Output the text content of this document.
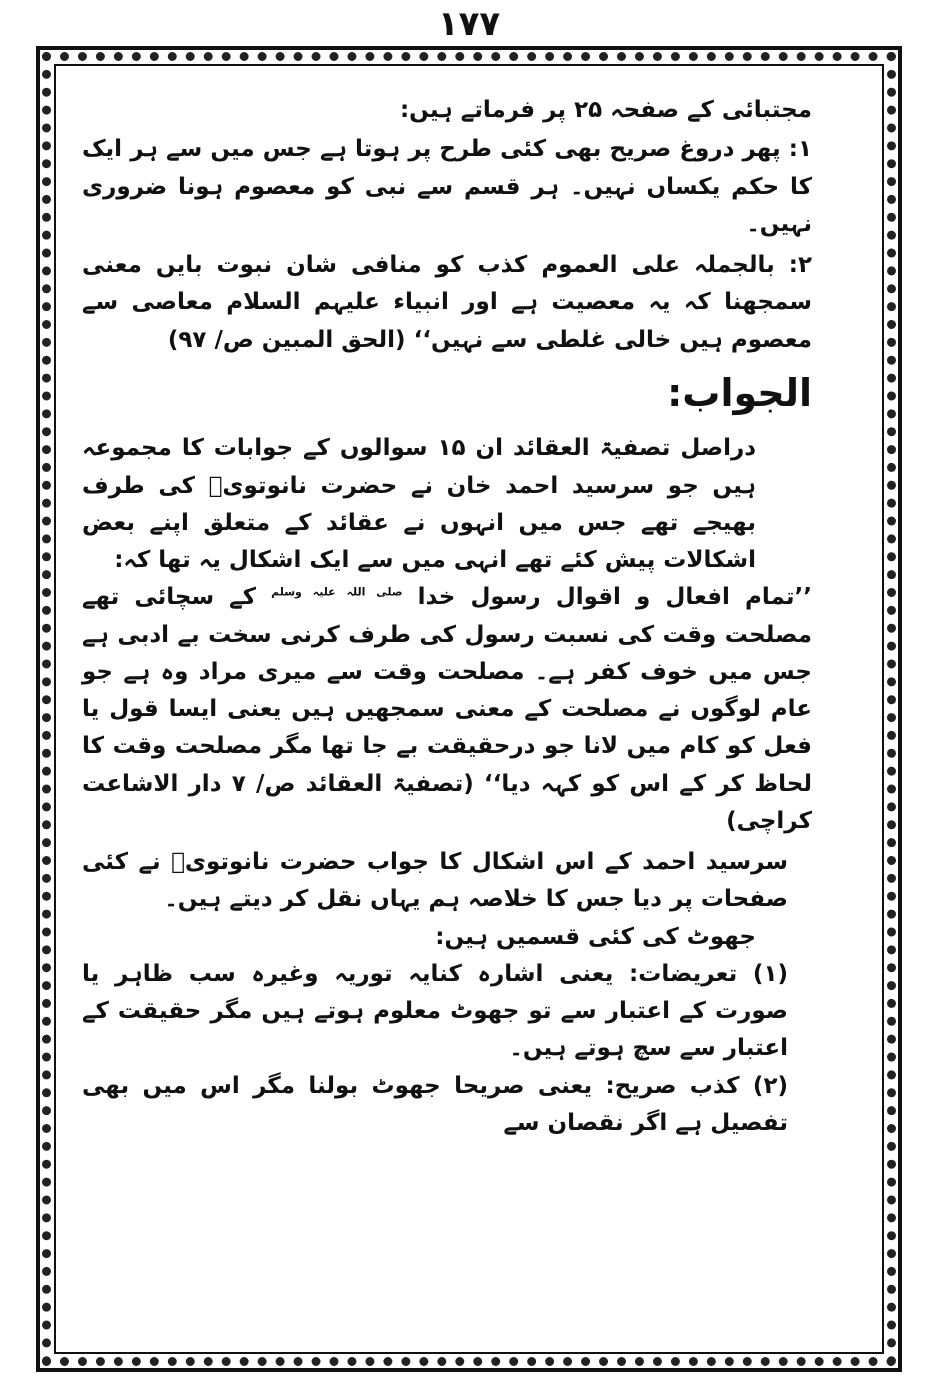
۱۷۷

مجتبائی کے صفحہ ۲۵ پر فرماتے ہیں:

۱: پھر دروغ صریح بھی کئی طرح پر ہوتا ہے جس میں سے ہر ایک کا حکم یکساں نہیں۔ ہر قسم سے نبی کو معصوم ہونا ضروری نہیں۔

۲: بالجملہ علی العموم کذب کو منافی شان نبوت بایں معنی سمجھنا کہ یہ معصیت ہے اور انبیاء علیہم السلام معاصی سے معصوم ہیں خالی غلطی سے نہیں‘‘ (الحق المبین ص/ ۹۷)

الجواب:

دراصل تصفیۃ العقائد ان ۱۵ سوالوں کے جوابات کا مجموعہ ہیں جو سرسید احمد خان نے حضرت نانوتویؒ کی طرف بھیجے تھے جس میں انہوں نے عقائد کے متعلق اپنے بعض اشکالات پیش کئے تھے انہی میں سے ایک اشکال یہ تھا کہ:

’’تمام افعال و اقوال رسول خدا $^{صلی اللہ علیہ وسلم}$ کے سچائی تھے مصلحت وقت کی نسبت رسول کی طرف کرنی سخت بے ادبی ہے جس میں خوف کفر ہے۔ مصلحت وقت سے میری مراد وہ ہے جو عام لوگوں نے مصلحت کے معنی سمجھیں ہیں یعنی ایسا قول یا فعل کو کام میں لانا جو درحقیقت بے جا تھا مگر مصلحت وقت کا لحاظ کر کے اس کو کہہ دیا‘‘ (تصفیۃ العقائد ص/ ۷ دار الاشاعت کراچی)

سرسید احمد کے اس اشکال کا جواب حضرت نانوتویؒ نے کئی صفحات پر دیا جس کا خلاصہ ہم یہاں نقل کر دیتے ہیں۔

جھوٹ کی کئی قسمیں ہیں:

(۱) تعریضات: یعنی اشارہ کنایہ توریہ وغیرہ سب ظاہر یا صورت کے اعتبار سے تو جھوٹ معلوم ہوتے ہیں مگر حقیقت کے اعتبار سے سچ ہوتے ہیں۔

(۲) کذب صریح: یعنی صریحا جھوٹ بولنا مگر اس میں بھی تفصیل ہے اگر نقصان سے
